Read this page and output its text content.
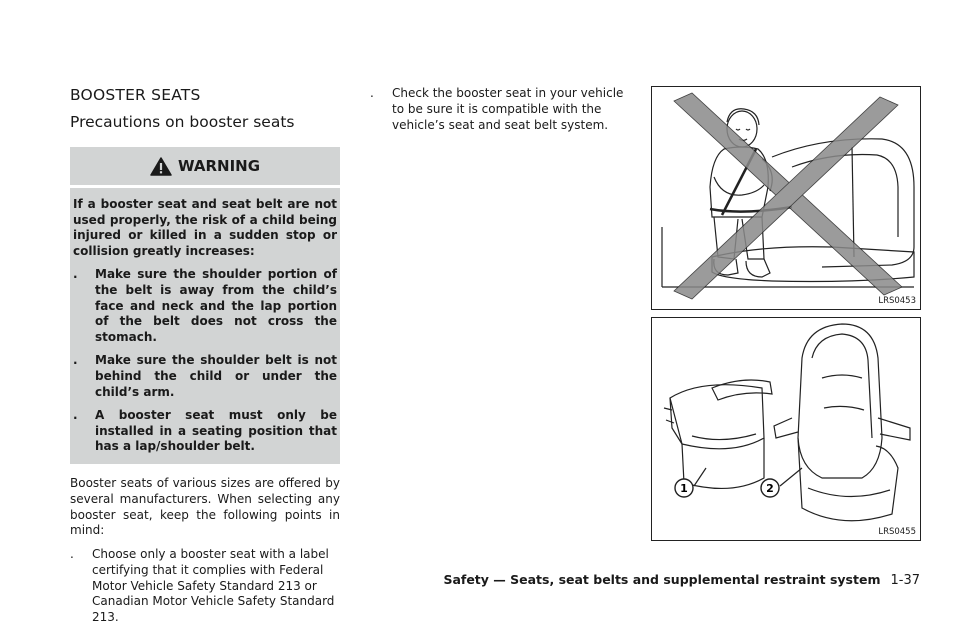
BOOSTER SEATS
Precautions on booster seats
WARNING

If a booster seat and seat belt are not used properly, the risk of a child being injured or killed in a sudden stop or collision greatly increases:

.	Make sure the shoulder portion of the belt is away from the child’s face and neck and the lap portion of the belt does not cross the stomach.
.	Make sure the shoulder belt is not behind the child or under the child’s arm.
.	A booster seat must only be installed in a seating position that has a lap/shoulder belt.
Booster seats of various sizes are offered by several manufacturers. When selecting any booster seat, keep the following points in mind:
.	Choose only a booster seat with a label certifying that it complies with Federal Motor Vehicle Safety Standard 213 or Canadian Motor Vehicle Safety Standard 213.
.	Check the booster seat in your vehicle to be sure it is compatible with the vehicle’s seat and seat belt system.
LRS0453
1	2
LRS0455
Safety — Seats, seat belts and supplemental restraint system 1-37
